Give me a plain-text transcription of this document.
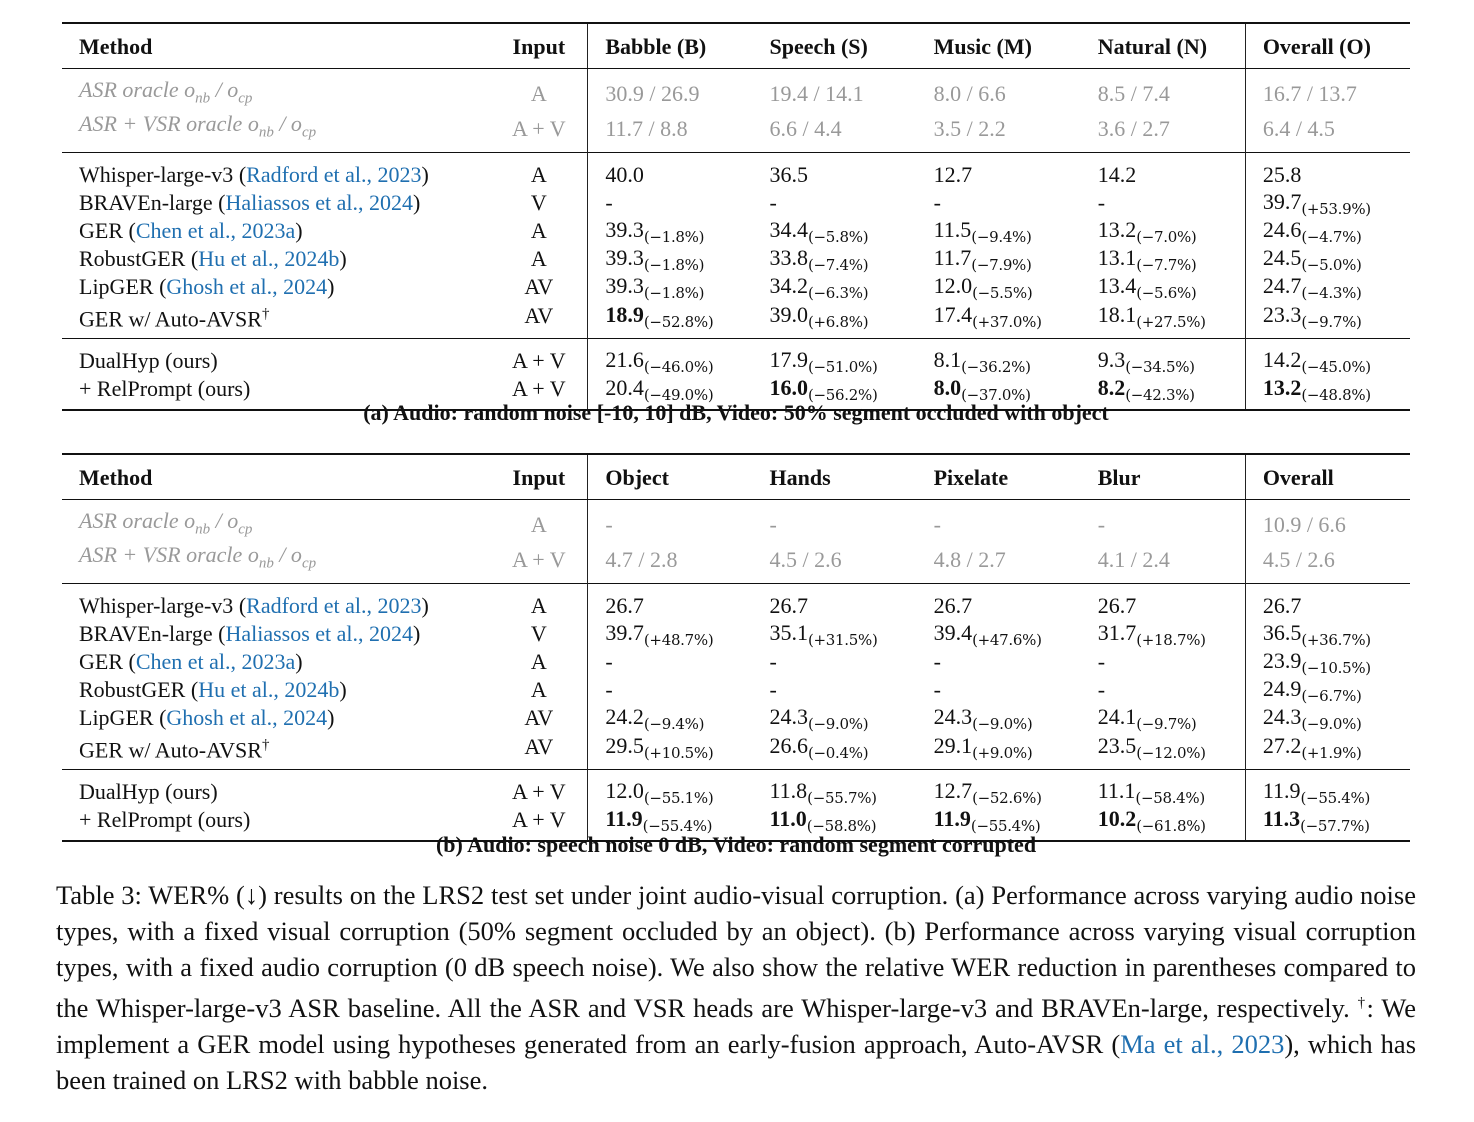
Method	Input	Babble (B)	Speech (S)	Music (M)	Natural (N)	Overall (O)
ASR oracle $o_{nb} / o_{cp}$	A	30.9 / 26.9	19.4 / 14.1	8.0 / 6.6	8.5 / 7.4	16.7 / 13.7
ASR + VSR oracle $o_{nb} / o_{cp}$	A + V	11.7 / 8.8	6.6 / 4.4	3.5 / 2.2	3.6 / 2.7	6.4 / 4.5
Whisper-large-v3 (Radford et al., 2023)	A	40.0	36.5	12.7	14.2	25.8
BRAVEn-large (Haliassos et al., 2024)	V	-	-	-	-	$39.7_{(+53.9\%)}$
GER (Chen et al., 2023a)	A	$39.3_{(-1.8\%)}$	$34.4_{(-5.8\%)}$	$11.5_{(-9.4\%)}$	$13.2_{(-7.0\%)}$	$24.6_{(-4.7\%)}$
RobustGER (Hu et al., 2024b)	A	$39.3_{(-1.8\%)}$	$33.8_{(-7.4\%)}$	$11.7_{(-7.9\%)}$	$13.1_{(-7.7\%)}$	$24.5_{(-5.0\%)}$
LipGER (Ghosh et al., 2024)	AV	$39.3_{(-1.8\%)}$	$34.2_{(-6.3\%)}$	$12.0_{(-5.5\%)}$	$13.4_{(-5.6\%)}$	$24.7_{(-4.3\%)}$
GER w/ Auto-AVSR†	AV	$18.9_{(-52.8\%)}$	$39.0_{(+6.8\%)}$	$17.4_{(+37.0\%)}$	$18.1_{(+27.5\%)}$	$23.3_{(-9.7\%)}$
DualHyp (ours)	A + V	$21.6_{(-46.0\%)}$	$17.9_{(-51.0\%)}$	$8.1_{(-36.2\%)}$	$9.3_{(-34.5\%)}$	$14.2_{(-45.0\%)}$
+ RelPrompt (ours)	A + V	$20.4_{(-49.0\%)}$	$16.0_{(-56.2\%)}$	$8.0_{(-37.0\%)}$	$8.2_{(-42.3\%)}$	$13.2_{(-48.8\%)}$
(a) Audio: random noise [-10, 10] dB, Video: 50% segment occluded with object
Method	Input	Object	Hands	Pixelate	Blur	Overall
ASR oracle $o_{nb} / o_{cp}$	A	-	-	-	-	10.9 / 6.6
ASR + VSR oracle $o_{nb} / o_{cp}$	A + V	4.7 / 2.8	4.5 / 2.6	4.8 / 2.7	4.1 / 2.4	4.5 / 2.6
Whisper-large-v3 (Radford et al., 2023)	A	26.7	26.7	26.7	26.7	26.7
BRAVEn-large (Haliassos et al., 2024)	V	$39.7_{(+48.7\%)}$	$35.1_{(+31.5\%)}$	$39.4_{(+47.6\%)}$	$31.7_{(+18.7\%)}$	$36.5_{(+36.7\%)}$
GER (Chen et al., 2023a)	A	-	-	-	-	$23.9_{(-10.5\%)}$
RobustGER (Hu et al., 2024b)	A	-	-	-	-	$24.9_{(-6.7\%)}$
LipGER (Ghosh et al., 2024)	AV	$24.2_{(-9.4\%)}$	$24.3_{(-9.0\%)}$	$24.3_{(-9.0\%)}$	$24.1_{(-9.7\%)}$	$24.3_{(-9.0\%)}$
GER w/ Auto-AVSR†	AV	$29.5_{(+10.5\%)}$	$26.6_{(-0.4\%)}$	$29.1_{(+9.0\%)}$	$23.5_{(-12.0\%)}$	$27.2_{(+1.9\%)}$
DualHyp (ours)	A + V	$12.0_{(-55.1\%)}$	$11.8_{(-55.7\%)}$	$12.7_{(-52.6\%)}$	$11.1_{(-58.4\%)}$	$11.9_{(-55.4\%)}$
+ RelPrompt (ours)	A + V	$11.9_{(-55.4\%)}$	$11.0_{(-58.8\%)}$	$11.9_{(-55.4\%)}$	$10.2_{(-61.8\%)}$	$11.3_{(-57.7\%)}$
(b) Audio: speech noise 0 dB, Video: random segment corrupted
Table 3: WER% (↓) results on the LRS2 test set under joint audio-visual corruption. (a) Performance across varying audio noise types, with a fixed visual corruption (50% segment occluded by an object). (b) Performance across varying visual corruption types, with a fixed audio corruption (0 dB speech noise). We also show the relative WER reduction in parentheses compared to the Whisper-large-v3 ASR baseline. All the ASR and VSR heads are Whisper-large-v3 and BRAVEn-large, respectively. †: We implement a GER model using hypotheses generated from an early-fusion approach, Auto-AVSR (Ma et al., 2023), which has been trained on LRS2 with babble noise.
